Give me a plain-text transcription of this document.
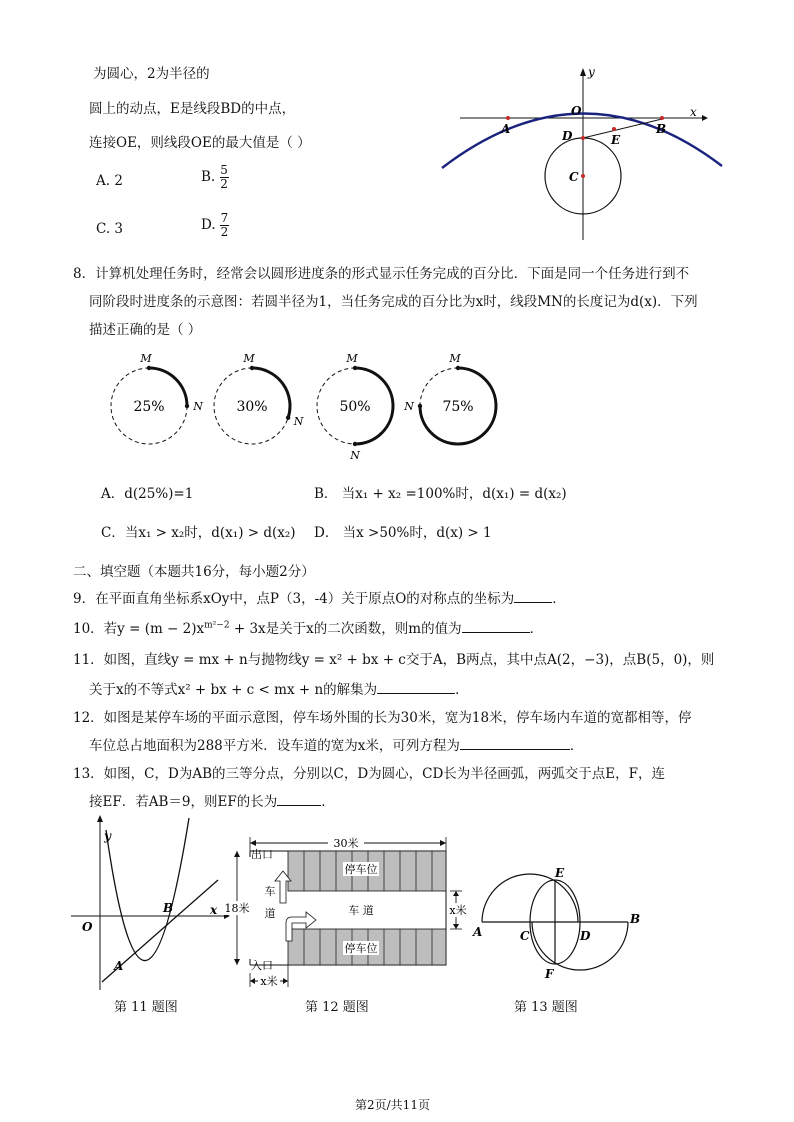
为圆心，2为半径的
圆上的动点，E是线段BD的中点，
连接OE，则线段OE的最大值是（ ）
A. 2	B. $\frac{5}{2}$
C. 3	D. $\frac{7}{2}$
y
x
O
A	B
D	E
C
8．计算机处理任务时，经常会以圆形进度条的形式显示任务完成的百分比．下面是同一个任务进行到不
同阶段时进度条的示意图：若圆半径为1，当任务完成的百分比为x时，线段MN的长度记为d(x)．下列
描述正确的是（ ）
25%
M
N 30%
M
N
50%
M
N
75%
M
N
A．d(25%)=1	B． 当x₁ + x₂ =100%时，d(x₁) = d(x₂)
C．当x₁ > x₂时，d(x₁) > d(x₂) D． 当x >50%时，d(x) > 1
二、填空题（本题共16分，每小题2分）
9．在平面直角坐标系xOy中，点P（3，-4）关于原点O的对称点的坐标为	．
10．若$y = (m - 2)x^{m^2-2} + 3x$是关于x的二次函数，则m的值为	．
11．如图，直线y = mx + n与抛物线y = x² + bx + c交于A，B两点，其中点A(2，−3)，点B(5，0)，则
关于x的不等式x² + bx + c < mx + n的解集为	．
12．如图是某停车场的平面示意图，停车场外围的长为30米，宽为18米，停车场内车道的宽都相等，停
车位总占地面积为288平方米．设车道的宽为x米，可列方程为	．
13．如图，C，D为AB的三等分点，分别以C，D为圆心，CD长为半径画弧，两弧交于点E，F，连
接EF．若AB＝9，则EF的长为	．
y
x
O
A
B
第 11 题图
30米
18米
出口
入口
停车位
停车位
车 道
车
道	x米
x米
第 12 题图
A
B
C	D
E
F
第 13 题图
第2页/共11页
